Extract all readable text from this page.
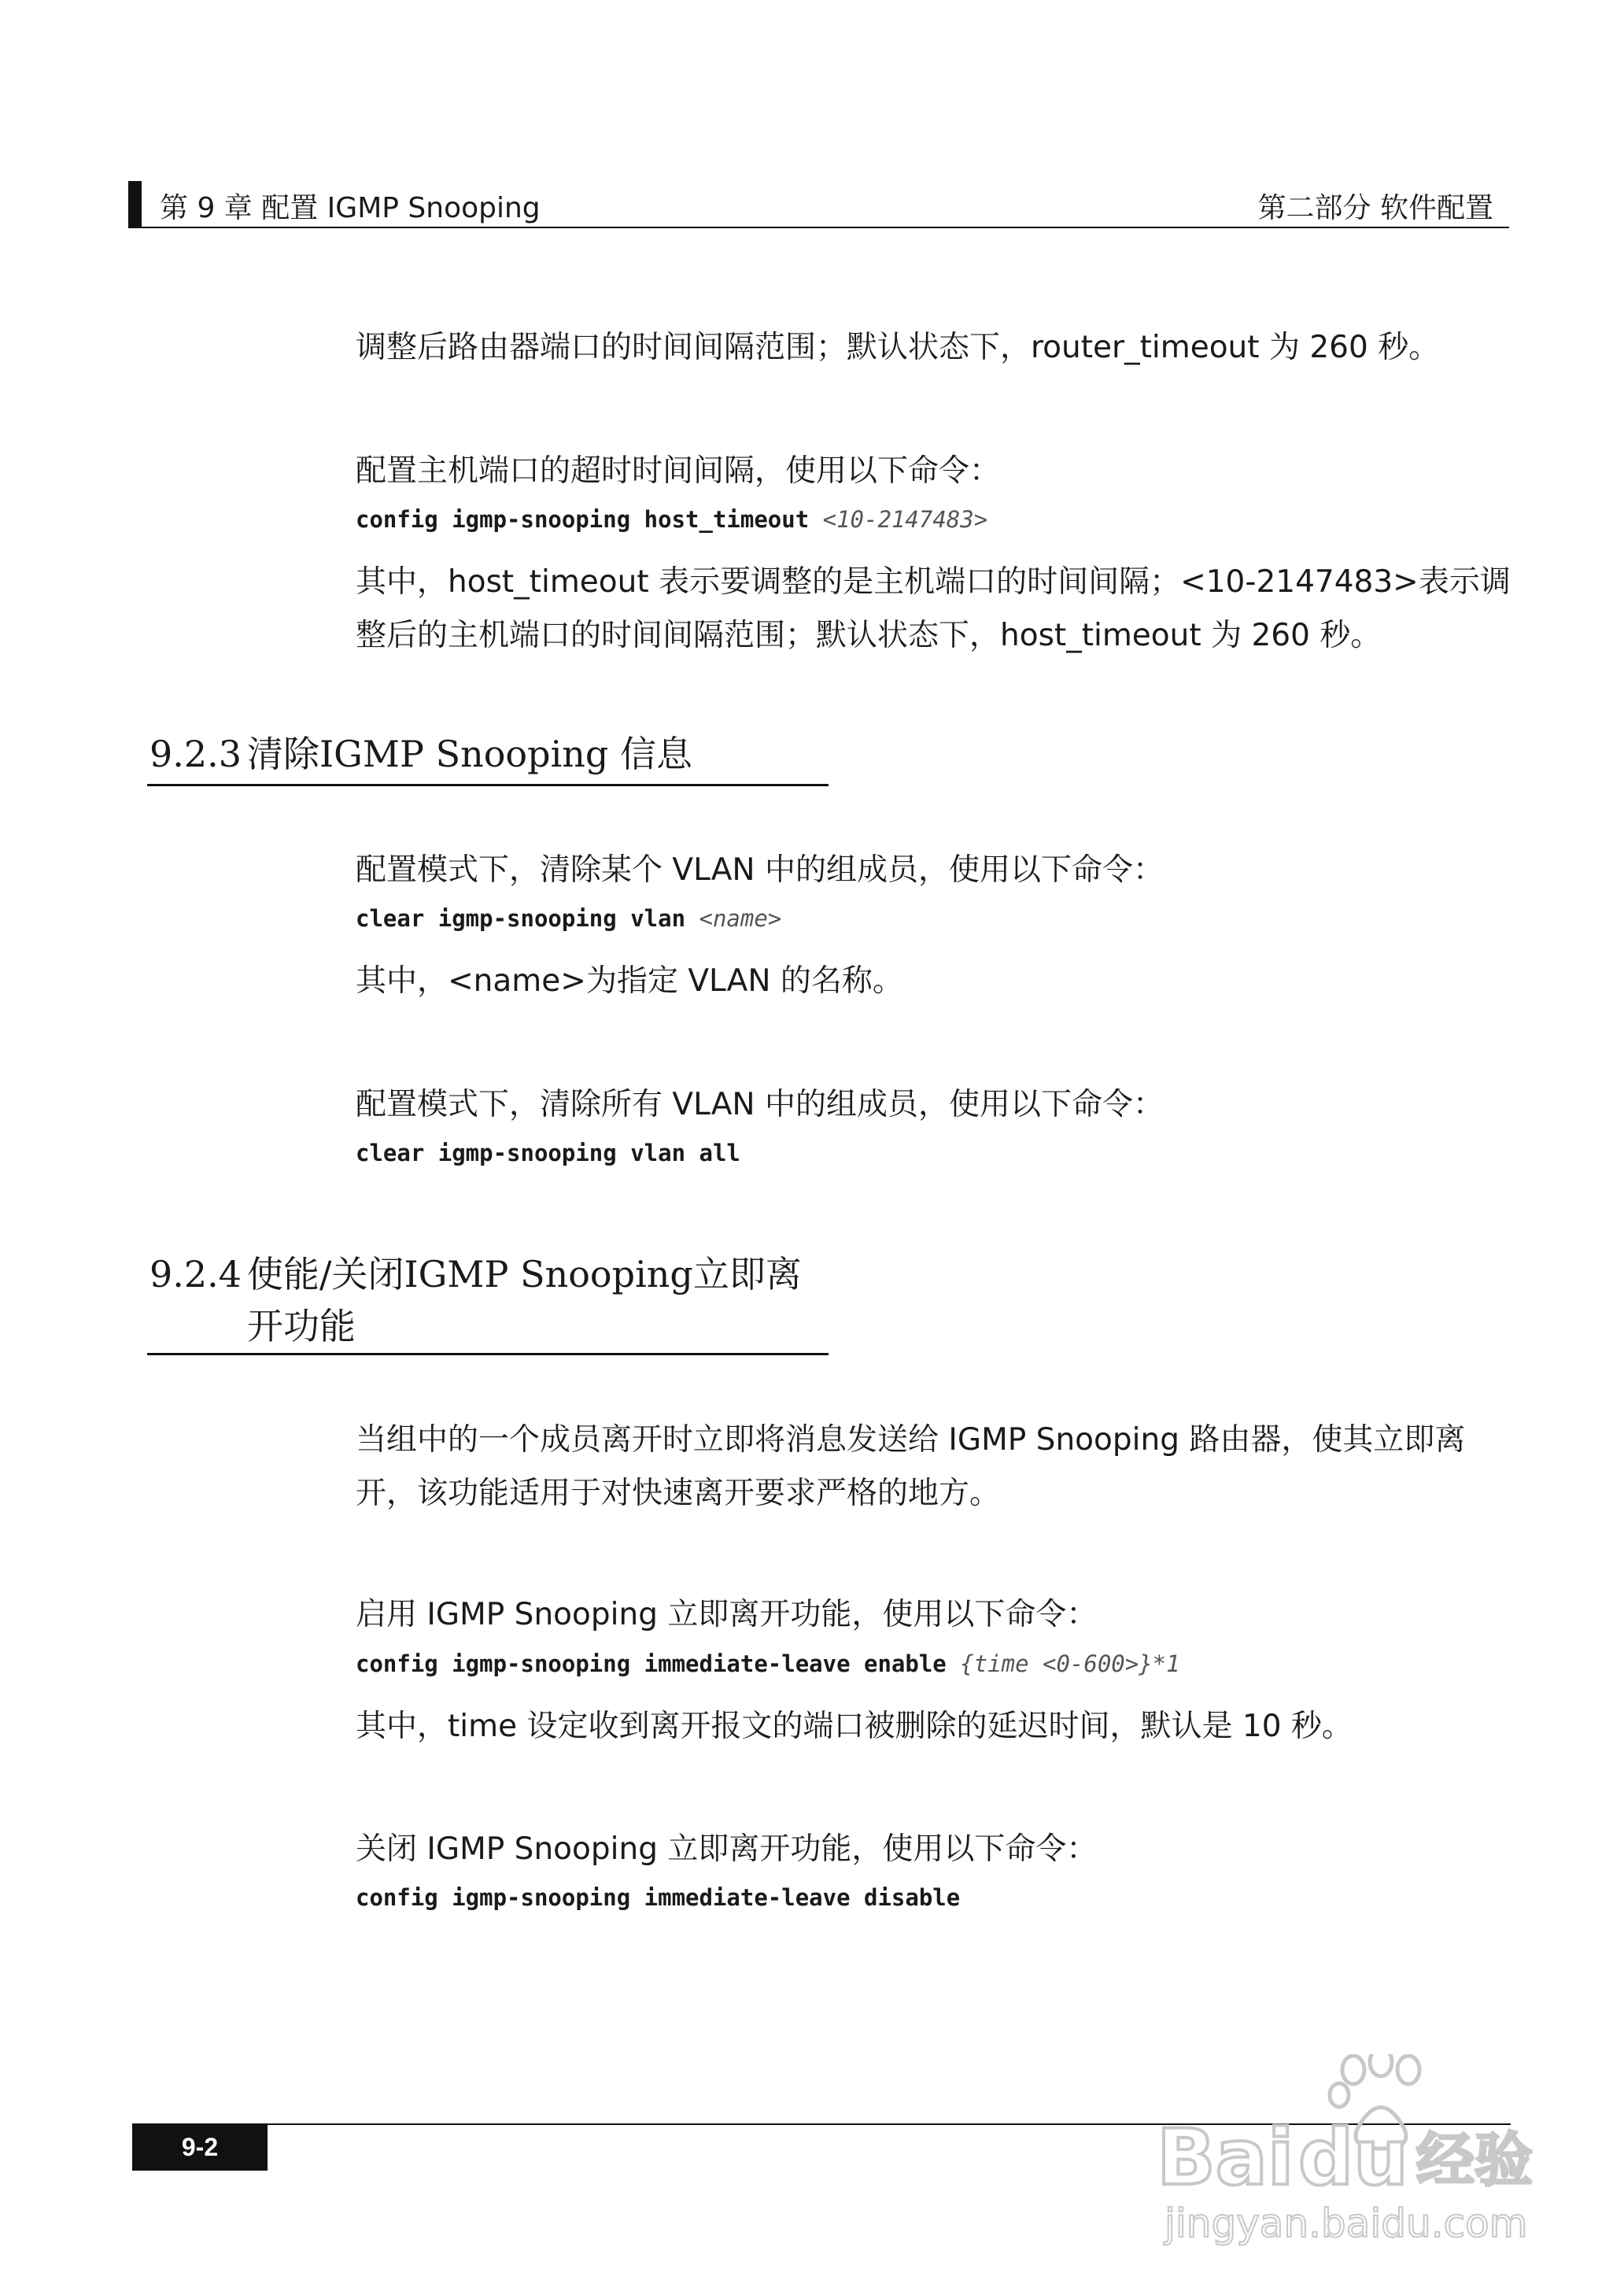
第 9 章 配置 IGMP Snooping	第二部分 软件配置
调整后路由器端口的时间间隔范围；默认状态下，router_timeout 为 260 秒。
配置主机端口的超时时间间隔，使用以下命令：
config igmp-snooping host_timeout <10-2147483>
其中，host_timeout 表示要调整的是主机端口的时间间隔；<10-2147483>表示调整后的主机端口的时间间隔范围；默认状态下，host_timeout 为 260 秒。
9.2.3 清除IGMP Snooping 信息
配置模式下，清除某个 VLAN 中的组成员，使用以下命令：
clear igmp-snooping vlan <name>
其中，<name>为指定 VLAN 的名称。
配置模式下，清除所有 VLAN 中的组成员，使用以下命令：
clear igmp-snooping vlan all
9.2.4 使能/关闭IGMP Snooping立即离
开功能
当组中的一个成员离开时立即将消息发送给 IGMP Snooping 路由器，使其立即离开，该功能适用于对快速离开要求严格的地方。
启用 IGMP Snooping 立即离开功能，使用以下命令：
config igmp-snooping immediate-leave enable {time <0-600>}*1
其中，time 设定收到离开报文的端口被删除的延迟时间，默认是 10 秒。
关闭 IGMP Snooping 立即离开功能，使用以下命令：
config igmp-snooping immediate-leave disable
9-2	Bai du 经验
jingyan.baidu.com
